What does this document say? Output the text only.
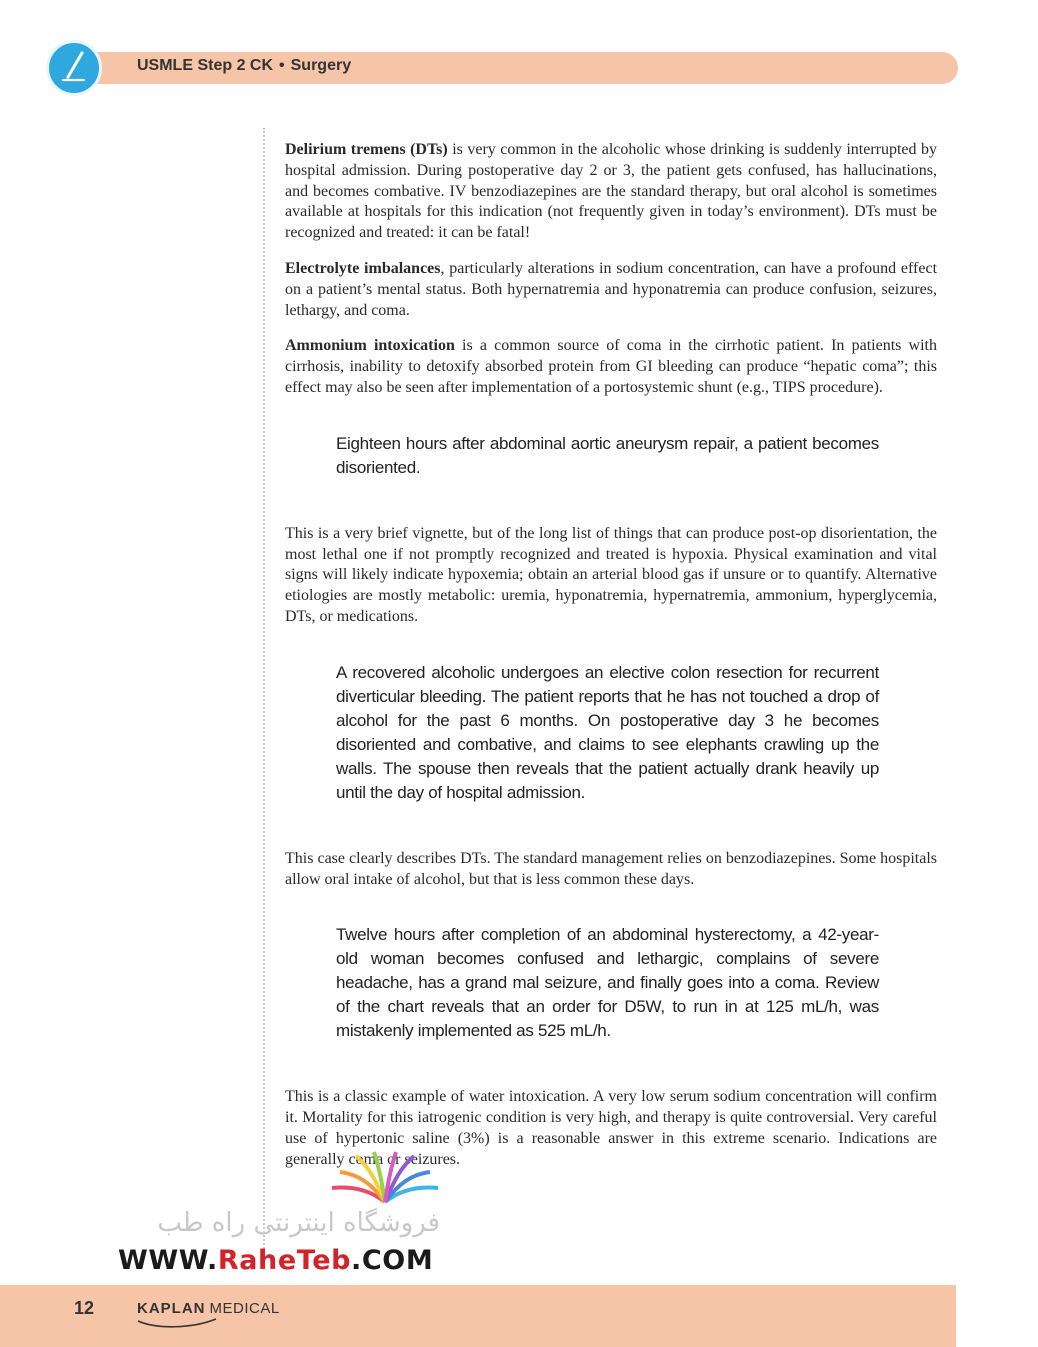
USMLE Step 2 CK • Surgery

Delirium tremens (DTs) is very common in the alcoholic whose drinking is suddenly interrupted by hospital admission. During postoperative day 2 or 3, the patient gets confused, has hallucinations, and becomes combative. IV benzodiazepines are the standard therapy, but oral alcohol is sometimes available at hospitals for this indication (not frequently given in today’s environment). DTs must be recognized and treated: it can be fatal!

Electrolyte imbalances, particularly alterations in sodium concentration, can have a profound effect on a patient’s mental status. Both hypernatremia and hyponatremia can produce confusion, seizures, lethargy, and coma.

Ammonium intoxication is a common source of coma in the cirrhotic patient. In patients with cirrhosis, inability to detoxify absorbed protein from GI bleeding can produce “hepatic coma”; this effect may also be seen after implementation of a portosystemic shunt (e.g., TIPS procedure).

Eighteen hours after abdominal aortic aneurysm repair, a patient becomes disoriented.

This is a very brief vignette, but of the long list of things that can produce post-op disorientation, the most lethal one if not promptly recognized and treated is hypoxia. Physical examination and vital signs will likely indicate hypoxemia; obtain an arterial blood gas if unsure or to quantify. Alternative etiologies are mostly metabolic: uremia, hyponatremia, hypernatremia, ammonium, hyperglycemia, DTs, or medications.

A recovered alcoholic undergoes an elective colon resection for recurrent diverticular bleeding. The patient reports that he has not touched a drop of alcohol for the past 6 months. On postoperative day 3 he becomes disoriented and combative, and claims to see elephants crawling up the walls. The spouse then reveals that the patient actually drank heavily up until the day of hospital admission.

This case clearly describes DTs. The standard management relies on benzodiazepines. Some hospitals allow oral intake of alcohol, but that is less common these days.

Twelve hours after completion of an abdominal hysterectomy, a 42-year-old woman becomes confused and lethargic, complains of severe headache, has a grand mal seizure, and finally goes into a coma. Review of the chart reveals that an order for D5W, to run in at 125 mL/h, was mistakenly implemented as 525 mL/h.

This is a classic example of water intoxication. A very low serum sodium concentration will confirm it. Mortality for this iatrogenic condition is very high, and therapy is quite controversial. Very careful use of hypertonic saline (3%) is a reasonable answer in this extreme scenario. Indications are generally coma or seizures.

فروشگاه اینترنتی راه طب
WWW.RaheTeb.COM
12	KAPLAN MEDICAL
